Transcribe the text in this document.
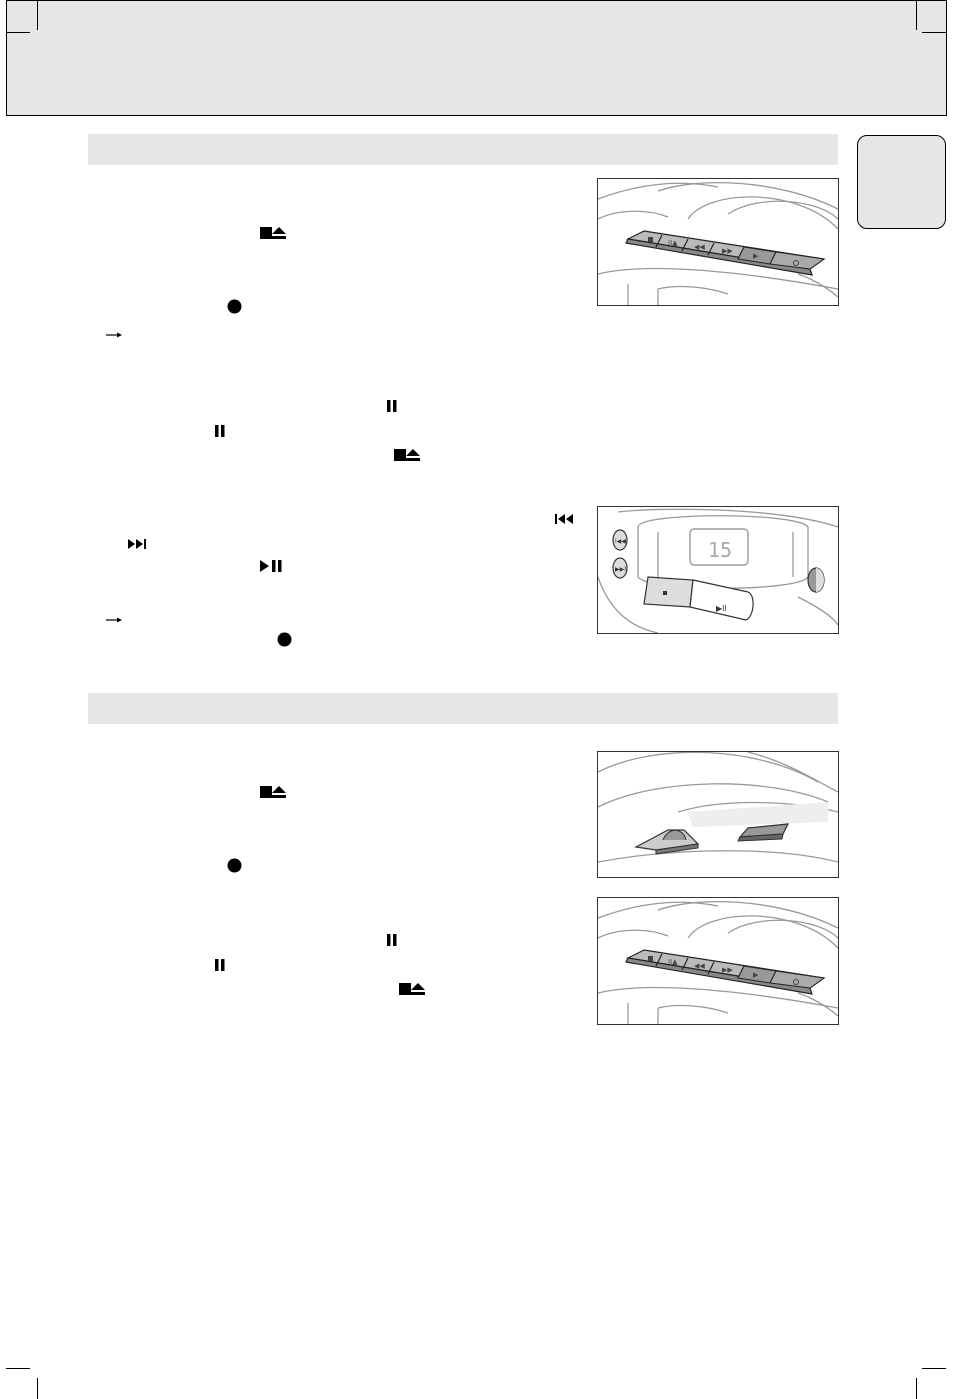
II▲ ◀◀ ▶▶
▶
15
I◀◀
▶▶I
▶II
II▲ ◀◀ ▶▶
▶
